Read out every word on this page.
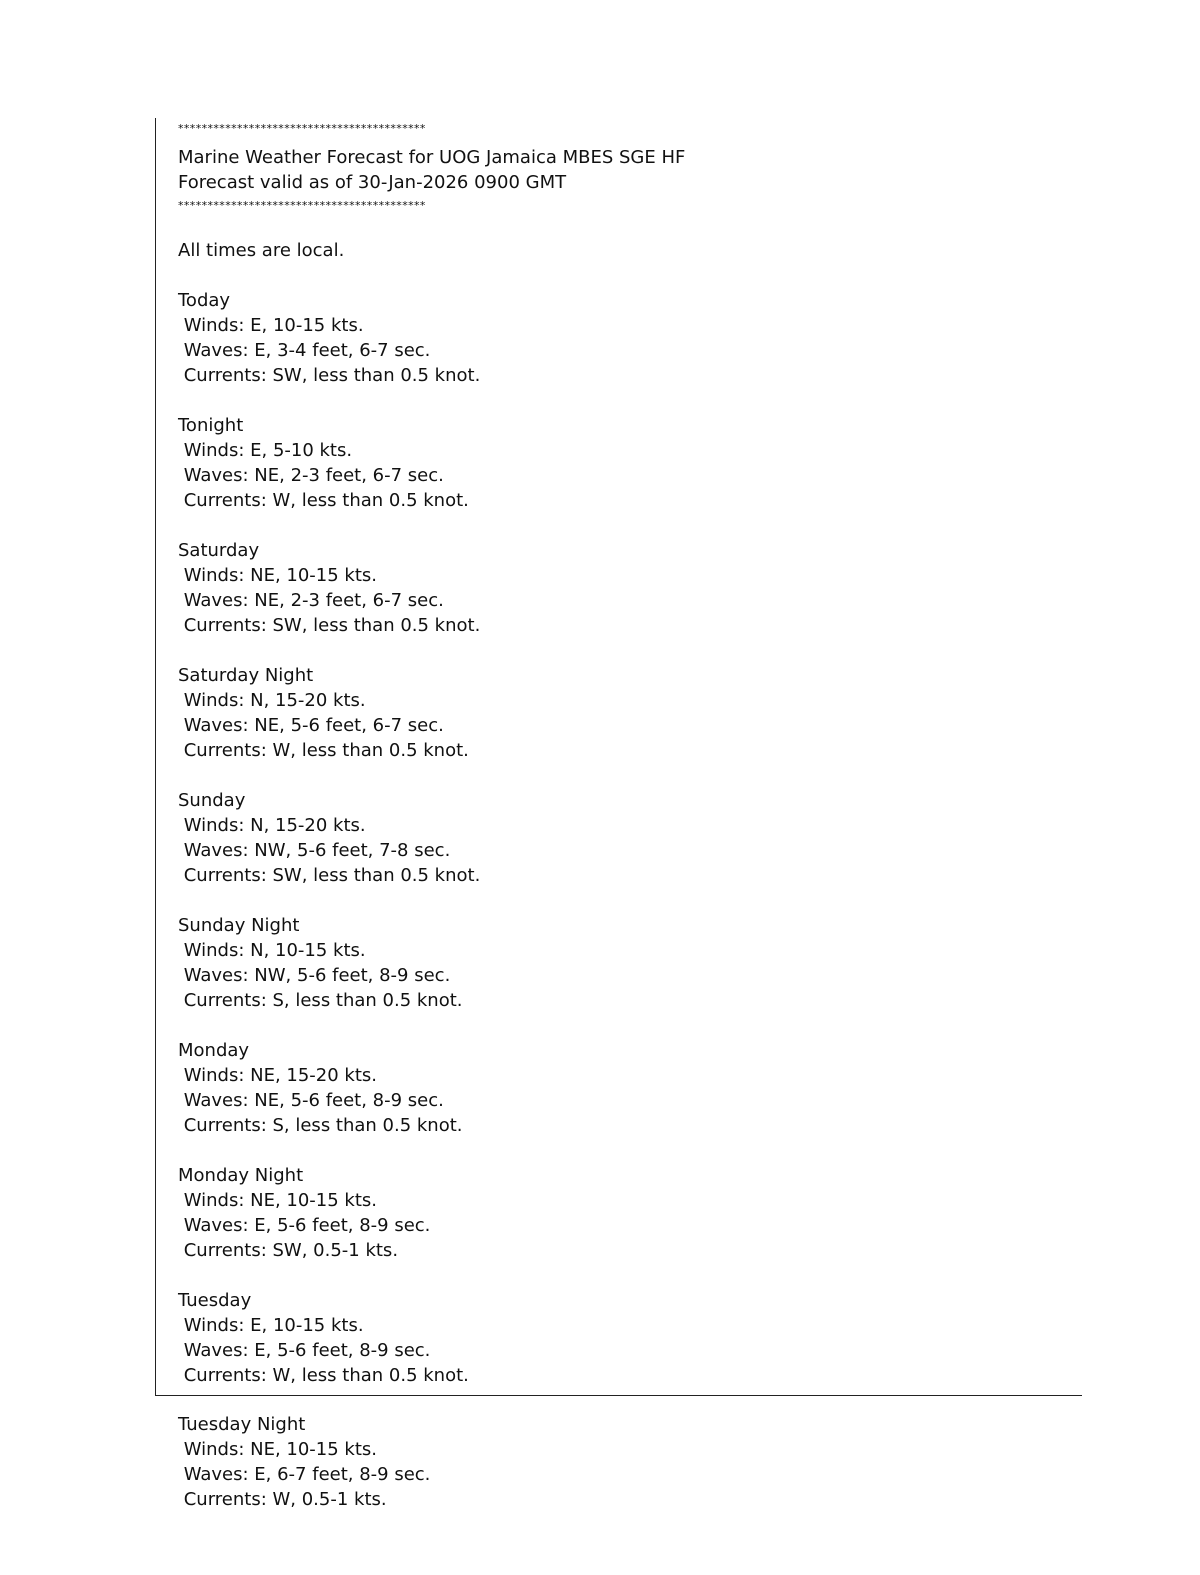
******************************************
Marine Weather Forecast for UOG Jamaica MBES SGE HF
Forecast valid as of 30-Jan-2026 0900 GMT
******************************************
All times are local.
Today
Winds: E, 10-15 kts.
Waves: E, 3-4 feet, 6-7 sec.
Currents: SW, less than 0.5 knot.
Tonight
Winds: E, 5-10 kts.
Waves: NE, 2-3 feet, 6-7 sec.
Currents: W, less than 0.5 knot.
Saturday
Winds: NE, 10-15 kts.
Waves: NE, 2-3 feet, 6-7 sec.
Currents: SW, less than 0.5 knot.
Saturday Night
Winds: N, 15-20 kts.
Waves: NE, 5-6 feet, 6-7 sec.
Currents: W, less than 0.5 knot.
Sunday
Winds: N, 15-20 kts.
Waves: NW, 5-6 feet, 7-8 sec.
Currents: SW, less than 0.5 knot.
Sunday Night
Winds: N, 10-15 kts.
Waves: NW, 5-6 feet, 8-9 sec.
Currents: S, less than 0.5 knot.
Monday
Winds: NE, 15-20 kts.
Waves: NE, 5-6 feet, 8-9 sec.
Currents: S, less than 0.5 knot.
Monday Night
Winds: NE, 10-15 kts.
Waves: E, 5-6 feet, 8-9 sec.
Currents: SW, 0.5-1 kts.
Tuesday
Winds: E, 10-15 kts.
Waves: E, 5-6 feet, 8-9 sec.
Currents: W, less than 0.5 knot.
Tuesday Night
Winds: NE, 10-15 kts.
Waves: E, 6-7 feet, 8-9 sec.
Currents: W, 0.5-1 kts.
